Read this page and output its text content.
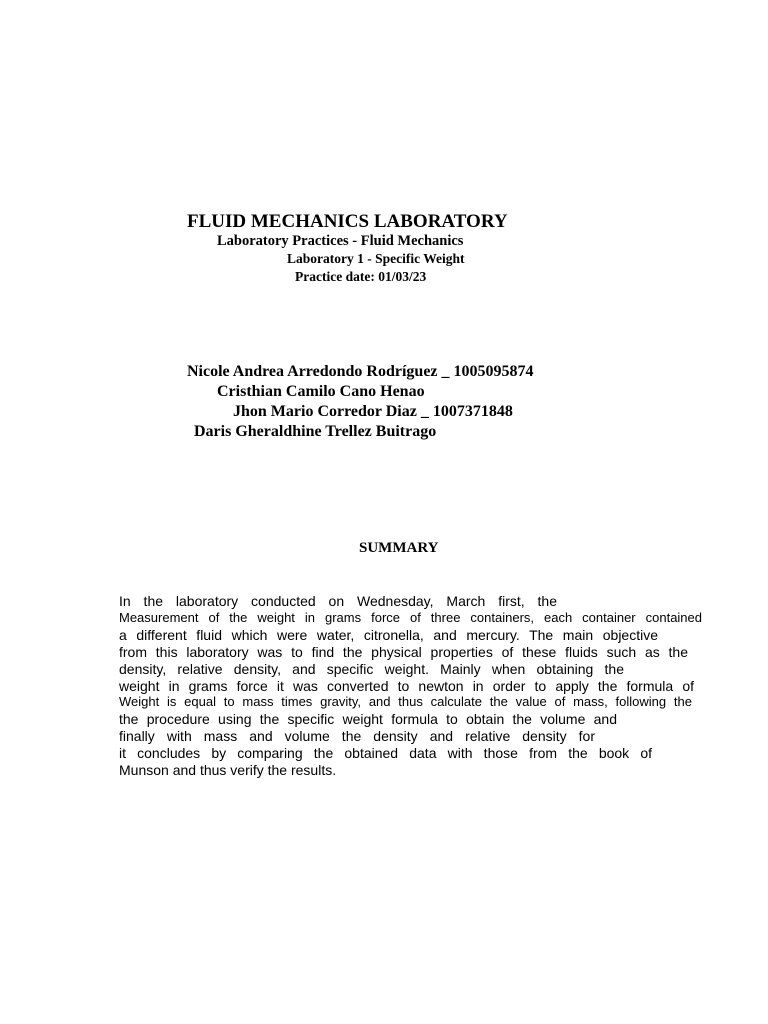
FLUID MECHANICS LABORATORY
Laboratory Practices - Fluid Mechanics
Laboratory 1 - Specific Weight
Practice date: 01/03/23
Nicole Andrea Arredondo Rodríguez _ 1005095874
Cristhian Camilo Cano Henao
Jhon Mario Corredor Diaz _ 1007371848
Daris Gheraldhine Trellez Buitrago
SUMMARY
In the laboratory conducted on Wednesday, March first, the
Measurement of the weight in grams force of three containers, each container contained
a different fluid which were water, citronella, and mercury. The main objective
from this laboratory was to find the physical properties of these fluids such as the
density, relative density, and specific weight. Mainly when obtaining the
weight in grams force it was converted to newton in order to apply the formula of
Weight is equal to mass times gravity, and thus calculate the value of mass, following the
the procedure using the specific weight formula to obtain the volume and
finally with mass and volume the density and relative density for
it concludes by comparing the obtained data with those from the book of
Munson and thus verify the results.
